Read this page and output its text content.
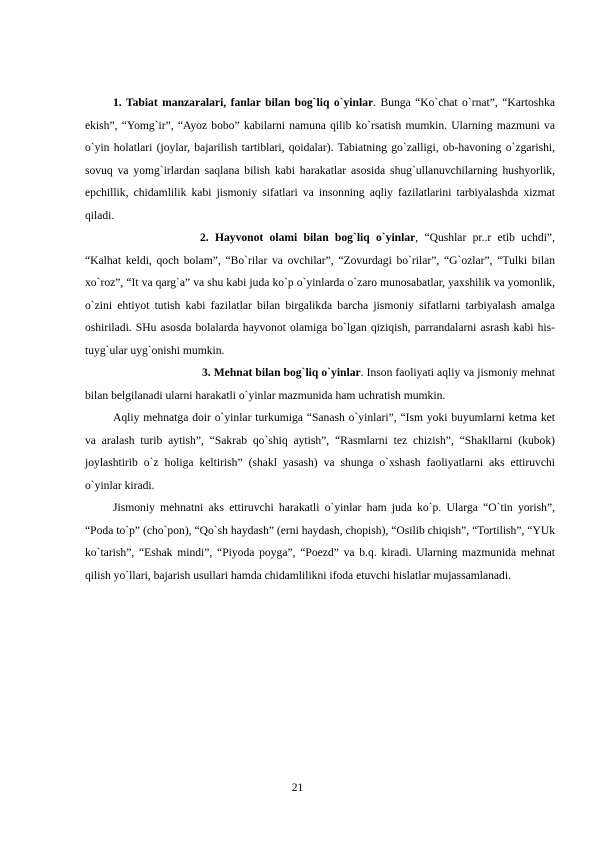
1. Tabiat manzaralari, fanlar bilan bog`liq o`yinlar. Bunga “Ko`chat o`rnat”, “Kartoshka ekish”, “Yomg`ir”, “Ayoz bobo” kabilarni namuna qilib ko`rsatish mumkin. Ularning mazmuni va o`yin holatlari (joylar, bajarilish tartiblari, qoidalar). Tabiatning go`zalligi, ob-havoning o`zgarishi, sovuq va yomg`irlardan saqlana bilish kabi harakatlar asosida shug`ullanuvchilarning hushyorlik, epchillik, chidamlilik kabi jismoniy sifatlari va insonning aqliy fazilatlarini tarbiyalashda xizmat qiladi.

2. Hayvonot olami bilan bog`liq o`yinlar, “Qushlar pr..r etib uchdi”, “Kalhat keldi, qoch bolam”, “Bo`rilar va ovchilar”, “Zovurdagi bo`rilar”, “G`ozlar”, “Tulki bilan xo`roz”, “It va qarg`a” va shu kabi juda ko`p o`yinlarda o`zaro munosabatlar, yaxshilik va yomonlik, o`zini ehtiyot tutish kabi fazilatlar bilan birgalikda barcha jismoniy sifatlarni tarbiyalash amalga oshiriladi. SHu asosda bolalarda hayvonot olamiga bo`lgan qiziqish, parrandalarni asrash kabi his-tuyg`ular uyg`onishi mumkin.

3. Mehnat bilan bog`liq o`yinlar. Inson faoliyati aqliy va jismoniy mehnat bilan belgilanadi ularni harakatli o`yinlar mazmunida ham uchratish mumkin.

Aqliy mehnatga doir o`yinlar turkumiga “Sanash o`yinlari”, “Ism yoki buyumlarni ketma ket va aralash turib aytish”, “Sakrab qo`shiq aytish”, “Rasmlarni tez chizish”, “Shakllarni (kubok) joylashtirib o`z holiga keltirish” (shakl yasash) va shunga o`xshash faoliyatlarni aks ettiruvchi o`yinlar kiradi.

Jismoniy mehnatni aks ettiruvchi harakatli o`yinlar ham juda ko`p. Ularga “O`tin yorish”, “Poda to`p” (cho`pon), “Qo`sh haydash” (erni haydash, chopish), “Osilib chiqish”, “Tortilish”, “YUk ko`tarish”, “Eshak mindi”, “Piyoda poyga”, “Poezd” va b.q. kiradi. Ularning mazmunida mehnat qilish yo`llari, bajarish usullari hamda chidamlilikni ifoda etuvchi hislatlar mujassamlanadi.

21
